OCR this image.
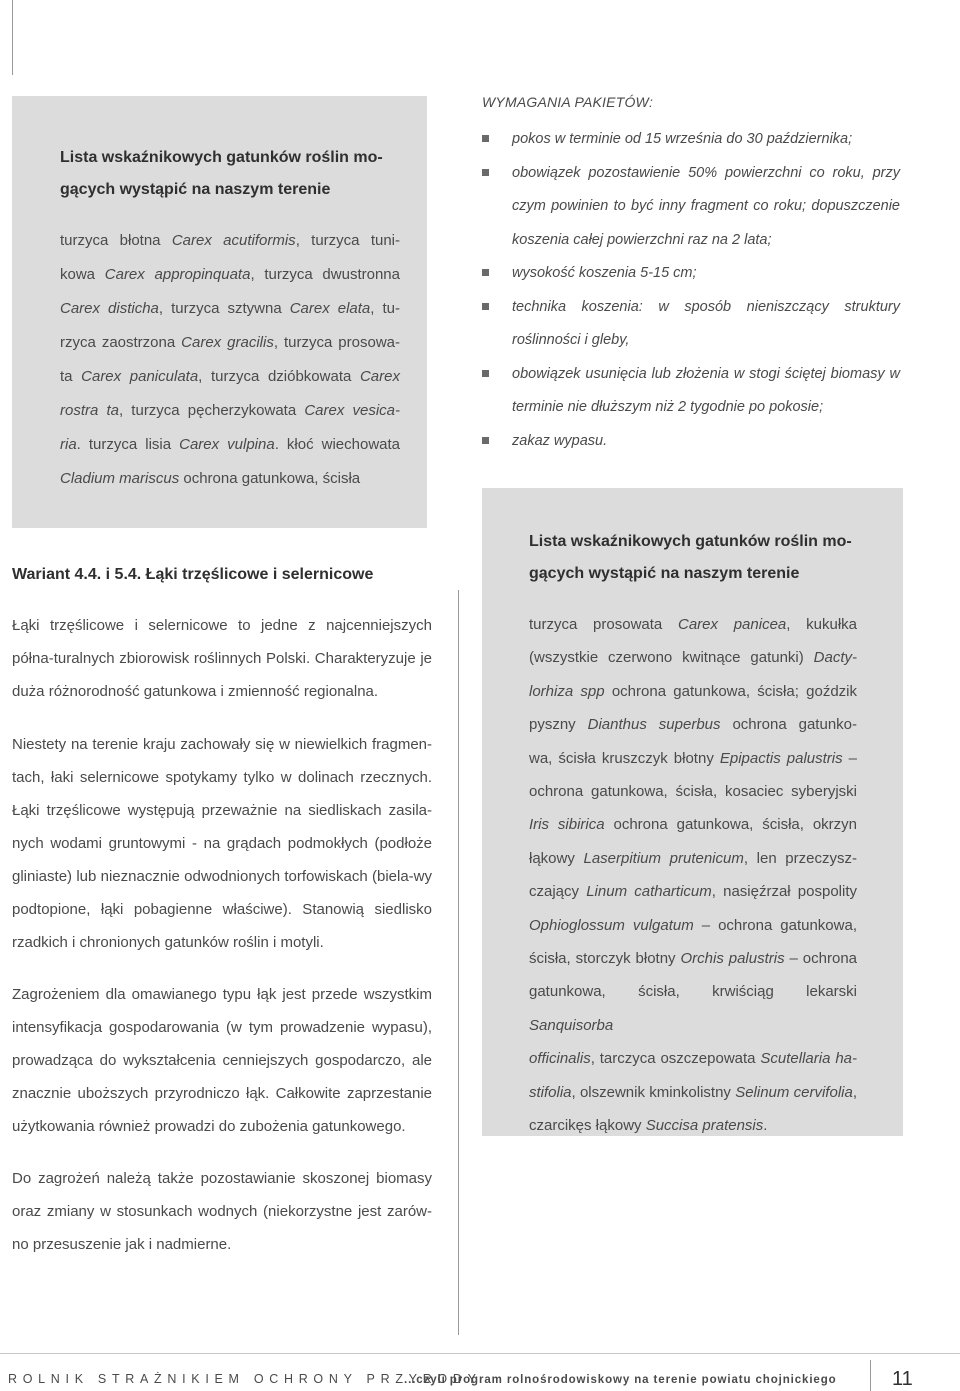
Lista wskaźnikowych gatunków roślin mo-
gących wystąpić na naszym terenie
turzyca błotna Carex acutiformis, turzyca tuni-
kowa Carex appropinquata, turzyca dwustronna
Carex disticha, turzyca sztywna Carex elata, tu-
rzyca zaostrzona Carex gracilis, turzyca prosowa-
ta Carex paniculata, turzyca dzióbkowata Carex
rostra ta, turzyca pęcherzykowata Carex vesica-
ria. turzyca lisia Carex vulpina. kłoć wiechowata
Cladium mariscus ochrona gatunkowa, ścisła
WYMAGANIA PAKIETÓW:
pokos w terminie od 15 września do 30 października;
obowiązek pozostawienie 50% powierzchni co roku, przy czym powinien to być inny fragment co roku; dopuszczenie koszenia całej powierzchni raz na 2 lata;
wysokość koszenia 5-15 cm;
technika koszenia: w sposób nieniszczący struktury roślinności i gleby,
obowiązek usunięcia lub złożenia w stogi ściętej biomasy w terminie nie dłuższym niż 2 tygodnie po pokosie;
zakaz wypasu.
Lista wskaźnikowych gatunków roślin mo-
gących wystąpić na naszym terenie
turzyca prosowata Carex panicea, kukułka
(wszystkie czerwono kwitnące gatunki) Dacty-
lorhiza spp ochrona gatunkowa, ścisła; goździk
pyszny Dianthus superbus ochrona gatunko-
wa, ścisła kruszczyk błotny Epipactis palustris –
ochrona gatunkowa, ścisła, kosaciec syberyjski
Iris sibirica ochrona gatunkowa, ścisła, okrzyn
łąkowy Laserpitium prutenicum, len przeczysz-
czający Linum catharticum, nasięźrzał pospolity
Ophioglossum vulgatum – ochrona gatunkowa,
ścisła, storczyk błotny Orchis palustris – ochrona
gatunkowa, ścisła, krwiściąg lekarski Sanquisorba
officinalis, tarczyca oszczepowata Scutellaria ha-
stifolia, olszewnik kminkolistny Selinum cervifolia,
czarcikęs łąkowy Succisa pratensis.
Wariant 4.4. i 5.4. Łąki trzęślicowe i selernicowe

Łąki trzęślicowe i selernicowe to jedne z najcenniejszych półna-turalnych zbiorowisk roślinnych Polski. Charakteryzuje je duża różnorodność gatunkowa i zmienność regionalna.

Niestety na terenie kraju zachowały się w niewielkich fragmen-tach, łaki selernicowe spotykamy tylko w dolinach rzecznych. Łąki trzęślicowe występują przeważnie na siedliskach zasila-nych wodami gruntowymi - na grądach podmokłych (podłoże gliniaste) lub nieznacznie odwodnionych torfowiskach (biela-wy podtopione, łąki pobagienne właściwe). Stanowią siedlisko rzadkich i chronionych gatunków roślin i motyli.

Zagrożeniem dla omawianego typu łąk jest przede wszystkim intensyfikacja gospodarowania (w tym prowadzenie wypasu), prowadząca do wykształcenia cenniejszych gospodarczo, ale znacznie uboższych przyrodniczo łąk. Całkowite zaprzestanie użytkowania również prowadzi do zubożenia gatunkowego.

Do zagrożeń należą także pozostawianie skoszonej biomasy oraz zmiany w stosunkach wodnych (niekorzystne jest zarów-no przesuszenie jak i nadmierne.

ROLNIK STRAŻNIKIEM OCHRONY PRZYRODY
...czyli program rolnośrodowiskowy na terenie powiatu chojnickiego	11
